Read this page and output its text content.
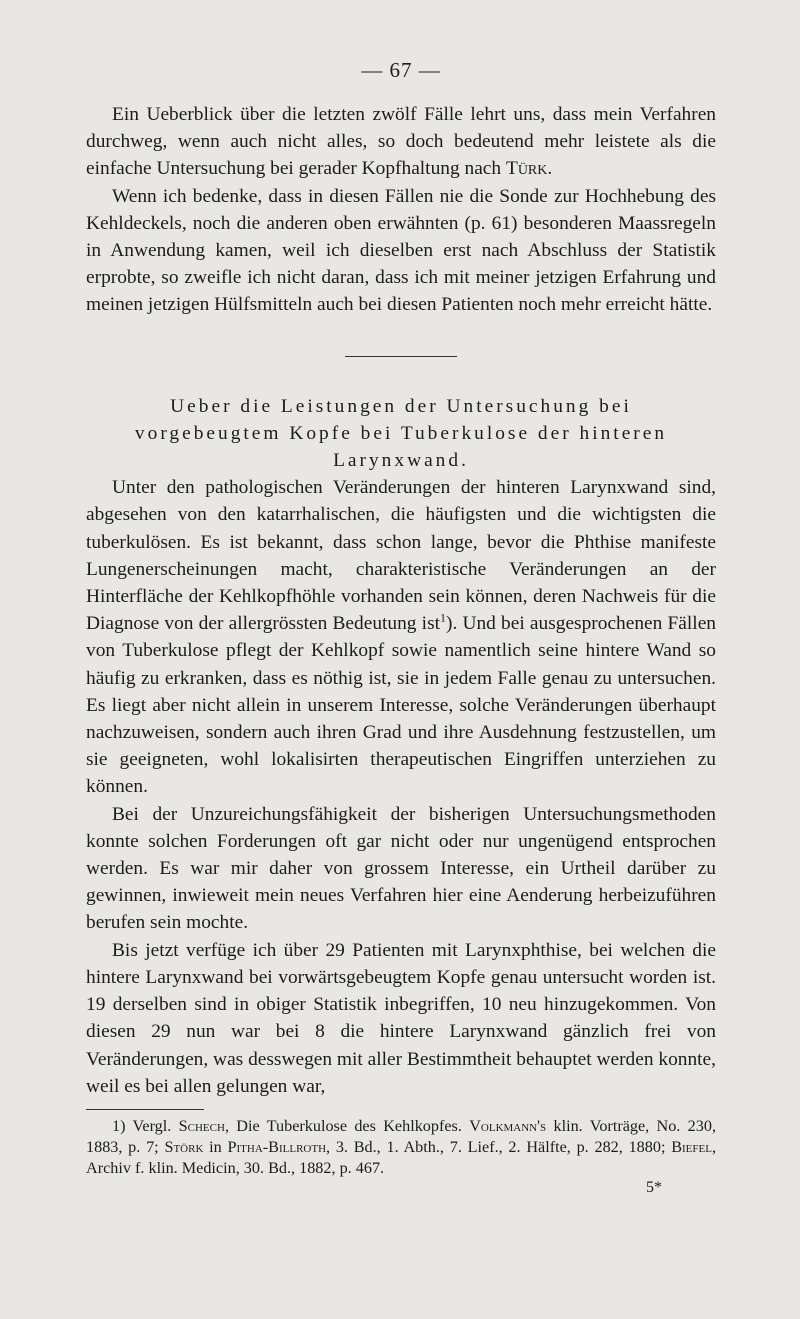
— 67 —

Ein Ueberblick über die letzten zwölf Fälle lehrt uns, dass mein Verfahren durchweg, wenn auch nicht alles, so doch bedeutend mehr leistete als die einfache Untersuchung bei gerader Kopfhaltung nach Türk.

Wenn ich bedenke, dass in diesen Fällen nie die Sonde zur Hochhebung des Kehldeckels, noch die anderen oben erwähnten (p. 61) besonderen Maassregeln in Anwendung kamen, weil ich dieselben erst nach Abschluss der Statistik erprobte, so zweifle ich nicht daran, dass ich mit meiner jetzigen Erfahrung und meinen jetzigen Hülfsmitteln auch bei diesen Patienten noch mehr erreicht hätte.

Ueber die Leistungen der Untersuchung bei
vorgebeugtem Kopfe bei Tuberkulose der hinteren
Larynxwand.

Unter den pathologischen Veränderungen der hinteren Larynxwand sind, abgesehen von den katarrhalischen, die häufigsten und die wichtigsten die tuberkulösen. Es ist bekannt, dass schon lange, bevor die Phthise manifeste Lungenerscheinungen macht, charakteristische Veränderungen an der Hinterfläche der Kehlkopfhöhle vorhanden sein können, deren Nachweis für die Diagnose von der allergrössten Bedeutung ist$^1$). Und bei ausgesprochenen Fällen von Tuberkulose pflegt der Kehlkopf sowie namentlich seine hintere Wand so häufig zu erkranken, dass es nöthig ist, sie in jedem Falle genau zu untersuchen. Es liegt aber nicht allein in unserem Interesse, solche Veränderungen überhaupt nachzuweisen, sondern auch ihren Grad und ihre Ausdehnung festzustellen, um sie geeigneten, wohl lokalisirten therapeutischen Eingriffen unterziehen zu können.

Bei der Unzureichungsfähigkeit der bisherigen Untersuchungsmethoden konnte solchen Forderungen oft gar nicht oder nur ungenügend entsprochen werden. Es war mir daher von grossem Interesse, ein Urtheil darüber zu gewinnen, inwieweit mein neues Verfahren hier eine Aenderung herbeizuführen berufen sein mochte.

Bis jetzt verfüge ich über 29 Patienten mit Larynxphthise, bei welchen die hintere Larynxwand bei vorwärtsgebeugtem Kopfe genau untersucht worden ist. 19 derselben sind in obiger Statistik inbegriffen, 10 neu hinzugekommen. Von diesen 29 nun war bei 8 die hintere Larynxwand gänzlich frei von Veränderungen, was desswegen mit aller Bestimmtheit behauptet werden konnte, weil es bei allen gelungen war,

1) Vergl. Schech, Die Tuberkulose des Kehlkopfes. Volkmann's klin. Vorträge, No. 230, 1883, p. 7; Störk in Pitha-Billroth, 3. Bd., 1. Abth., 7. Lief., 2. Hälfte, p. 282, 1880; Biefel, Archiv f. klin. Medicin, 30. Bd., 1882, p. 467.

5*
